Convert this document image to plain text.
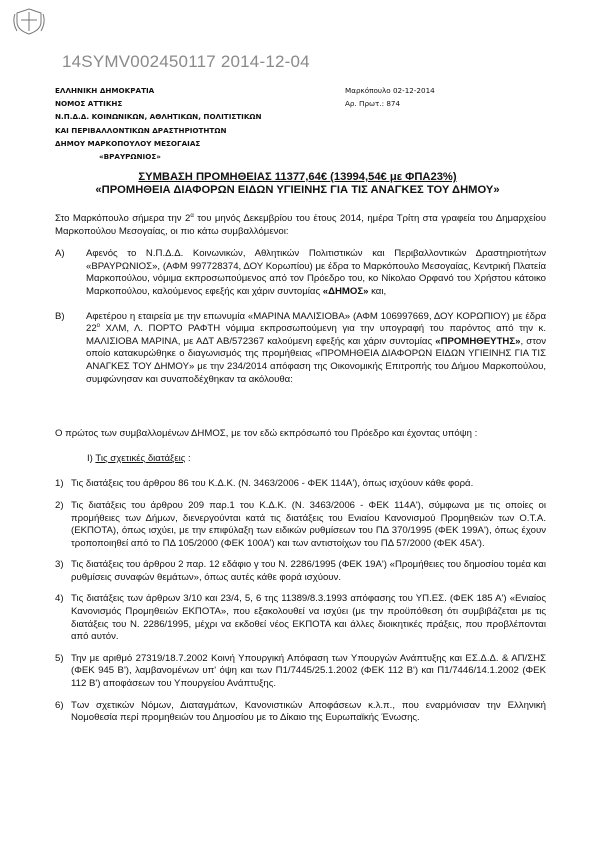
14SYMV002450117 2014-12-04
ΕΛΛΗΝΙΚΗ ΔΗΜΟΚΡΑΤΙΑ
ΝΟΜΟΣ ΑΤΤΙΚΗΣ
Ν.Π.Δ.Δ. ΚΟΙΝΩΝΙΚΩΝ, ΑΘΛΗΤΙΚΩΝ, ΠΟΛΙΤΙΣΤΙΚΩΝ
ΚΑΙ ΠΕΡΙΒΑΛΛΟΝΤΙΚΩΝ ΔΡΑΣΤΗΡΙΟΤΗΤΩΝ
ΔΗΜΟΥ ΜΑΡΚΟΠΟΥΛΟΥ ΜΕΣΟΓΑΙΑΣ
«ΒΡΑΥΡΩΝΙΟΣ»
Μαρκόπουλο 02-12-2014
Αρ. Πρωτ.: 874
ΣΥΜΒΑΣΗ ΠΡΟΜΗΘΕΙΑΣ 11377,64€ (13994,54€ με ΦΠΑ23%)
«ΠΡΟΜΗΘΕΙΑ ΔΙΑΦΟΡΩΝ ΕΙΔΩΝ ΥΓΙΕΙΝΗΣ ΓΙΑ ΤΙΣ ΑΝΑΓΚΕΣ ΤΟΥ ΔΗΜΟΥ»

Στο Μαρκόπουλο σήμερα την $2^\alpha$ του μηνός Δεκεμβρίου του έτους 2014, ημέρα Τρίτη στα γραφεία του Δημαρχείου Μαρκοπούλου Μεσογαίας, οι πιο κάτω συμβαλλόμενοι:

Α)	Αφενός το Ν.Π.Δ.Δ. Κοινωνικών, Αθλητικών Πολιτιστικών και Περιβαλλοντικών Δραστηριοτήτων «ΒΡΑΥΡΩΝΙΟΣ», (ΑΦΜ 997728374, ΔΟΥ Κορωπίου) με έδρα το Μαρκόπουλο Μεσογαίας, Κεντρική Πλατεία Μαρκοπούλου, νόμιμα εκπροσωπούμενος από τον Πρόεδρο του, κο Νίκολαο Ορφανό του Χρήστου κάτοικο Μαρκοπούλου, καλούμενος εφεξής και χάριν συντομίας «ΔΗΜΟΣ» και,
Β)	Αφετέρου η εταιρεία με την επωνυμία «ΜΑΡΙΝΑ ΜΑΛΙΣΙΟΒΑ» (ΑΦΜ 106997669, ΔΟΥ ΚΟΡΩΠΙΟΥ) με έδρα $22^o$ ΧΛΜ, Λ. ΠΟΡΤΟ ΡΑΦΤΗ νόμιμα εκπροσωπούμενη για την υπογραφή του παρόντος από την κ. ΜΑΛΙΣΙΟΒΑ ΜΑΡΙΝΑ, με ΑΔΤ ΑΒ/572367 καλούμενη εφεξής και χάριν συντομίας «ΠΡΟΜΗΘΕΥΤΗΣ», στον οποίο κατακυρώθηκε ο διαγωνισμός της προμήθειας «ΠΡΟΜΗΘΕΙΑ ΔΙΑΦΟΡΩΝ ΕΙΔΩΝ ΥΓΙΕΙΝΗΣ ΓΙΑ ΤΙΣ ΑΝΑΓΚΕΣ ΤΟΥ ΔΗΜΟΥ» με την 234/2014 απόφαση της Οικονομικής Επιτροπής του Δήμου Μαρκοπούλου, συμφώνησαν και συναποδέχθηκαν τα ακόλουθα:

Ο πρώτος των συμβαλλομένων ΔΗΜΟΣ, με τον εδώ εκπρόσωπό του Πρόεδρο και έχοντας υπόψη :

Ι) Τις σχετικές διατάξεις :

1) Τις διατάξεις του άρθρου 86 του Κ.Δ.Κ. (Ν. 3463/2006 - ΦΕΚ 114Α'), όπως ισχύουν κάθε φορά.
2) Τις διατάξεις του άρθρου 209 παρ.1 του Κ.Δ.Κ. (Ν. 3463/2006 - ΦΕΚ 114Α'), σύμφωνα με τις οποίες οι προμήθειες των Δήμων, διενεργούνται κατά τις διατάξεις του Ενιαίου Κανονισμού Προμηθειών των Ο.Τ.Α. (ΕΚΠΟΤΑ), όπως ισχύει, με την επιφύλαξη των ειδικών ρυθμίσεων του ΠΔ 370/1995 (ΦΕΚ 199Α'), όπως έχουν τροποποιηθεί από το ΠΔ 105/2000 (ΦΕΚ 100Α') και των αντιστοίχων του ΠΔ 57/2000 (ΦΕΚ 45Α').
3) Τις διατάξεις του άρθρου 2 παρ. 12 εδάφιο γ του Ν. 2286/1995 (ΦΕΚ 19Α') «Προμήθειες του δημοσίου τομέα και ρυθμίσεις συναφών θεμάτων», όπως αυτές κάθε φορά ισχύουν.
4) Τις διατάξεις των άρθρων 3/10 και 23/4, 5, 6 της 11389/8.3.1993 απόφασης του ΥΠ.ΕΣ. (ΦΕΚ 185 Α') «Ενιαίος Κανονισμός Προμηθειών ΕΚΠΟΤΑ», που εξακολουθεί να ισχύει (με την προϋπόθεση ότι συμβιβάζεται με τις διατάξεις του Ν. 2286/1995, μέχρι να εκδοθεί νέος ΕΚΠΟΤΑ και άλλες διοικητικές πράξεις, που προβλέπονται από αυτόν.
5) Την με αριθμό 27319/18.7.2002 Κοινή Υπουργική Απόφαση των Υπουργών Ανάπτυξης και ΕΣ.Δ.Δ. & ΑΠ/ΣΗΣ (ΦΕΚ 945 Β'), λαμβανομένων υπ' όψη και των Π1/7445/25.1.2002 (ΦΕΚ 112 Β') και Π1/7446/14.1.2002 (ΦΕΚ 112 Β') αποφάσεων του Υπουργείου Ανάπτυξης.
6) Των σχετικών Νόμων, Διαταγμάτων, Κανονιστικών Αποφάσεων κ.λ.π., που εναρμόνισαν την Ελληνική Νομοθεσία περί προμηθειών του Δημοσίου με το Δίκαιο της Ευρωπαϊκής Ένωσης.
